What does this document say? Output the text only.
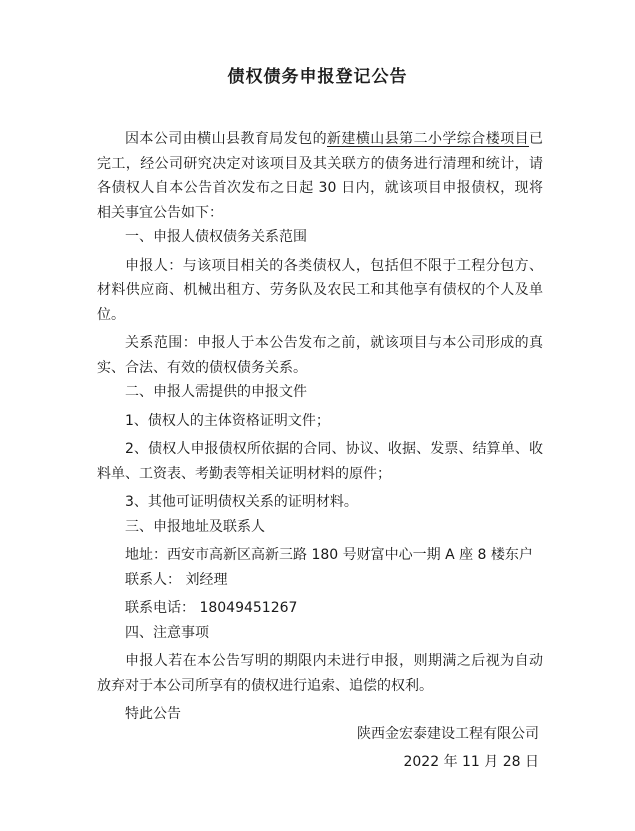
债权债务申报登记公告

因本公司由横山县教育局发包的新建横山县第二小学综合楼项目已完工，经公司研究决定对该项目及其关联方的债务进行清理和统计，请各债权人自本公告首次发布之日起 30 日内，就该项目申报债权，现将相关事宜公告如下：

一、申报人债权债务关系范围

申报人：与该项目相关的各类债权人，包括但不限于工程分包方、材料供应商、机械出租方、劳务队及农民工和其他享有债权的个人及单位。

关系范围：申报人于本公告发布之前，就该项目与本公司形成的真实、合法、有效的债权债务关系。

二、申报人需提供的申报文件

1、债权人的主体资格证明文件；

2、债权人申报债权所依据的合同、协议、收据、发票、结算单、收料单、工资表、考勤表等相关证明材料的原件；

3、其他可证明债权关系的证明材料。

三、申报地址及联系人

地址：西安市高新区高新三路 180 号财富中心一期 A 座 8 楼东户

联系人： 刘经理

联系电话： 18049451267

四、注意事项

申报人若在本公告写明的期限内未进行申报，则期满之后视为自动放弃对于本公司所享有的债权进行追索、追偿的权利。

特此公告

陕西金宏泰建设工程有限公司
2022 年 11 月 28 日
